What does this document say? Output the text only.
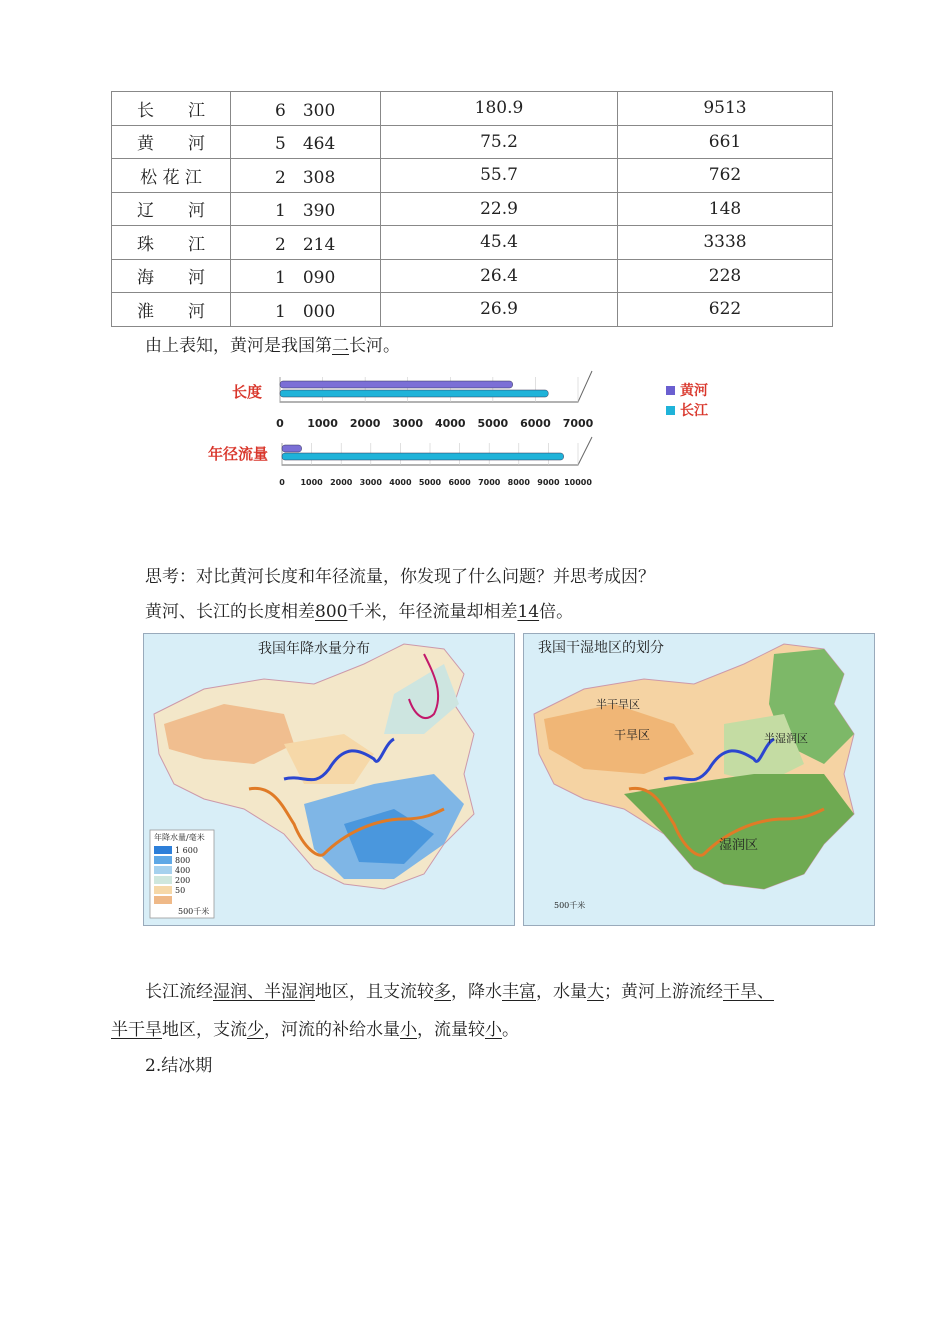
长　　江	6　300	180.9	9513
黄　　河	5　464	75.2	661
松 花 江	2　308	55.7	762
辽　　河	1　390	22.9	148
珠　　江	2　214	45.4	3338
海　　河	1　090	26.4	228
淮　　河	1　000	26.9	622
由上表知，黄河是我国第二长河。
长度
0 1000 2000 3000 4000 5000 6000 7000
年径流量
0 1000 2000 3000 4000 5000 6000 7000 8000 9000 10000
黄河
长江
思考：对比黄河长度和年径流量，你发现了什么问题？并思考成因？
黄河、长江的长度相差800千米，年径流量却相差14倍。
我国年降水量分布
年降水量/毫米
1 600
800
400
200
50
500千米
我国干湿地区的划分
干旱区
半干旱区
半湿润区
湿润区
500千米
长江流经湿润、半湿润地区，且支流较多，降水丰富，水量大；黄河上游流经干旱、
半干旱地区，支流少，河流的补给水量小，流量较小。
2.结冰期
